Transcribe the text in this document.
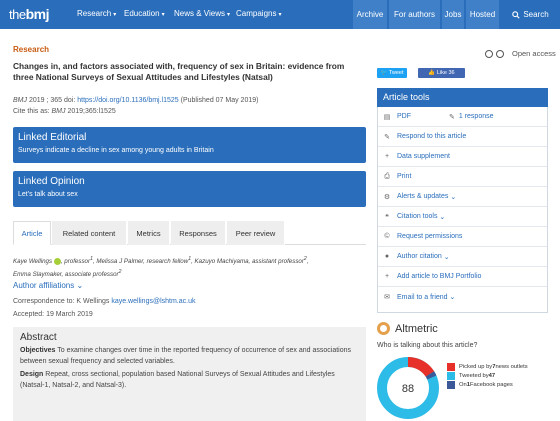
thebmj	Research ▾ Education ▾ News & Views ▾ Campaigns ▾	Archive	For authors	Jobs	Hosted	Search
Research
Changes in, and factors associated with, frequency of sex in Britain: evidence from three National Surveys of Sexual Attitudes and Lifestyles (Natsal)
BMJ 2019 ; 365 doi: https://doi.org/10.1136/bmj.l1525 (Published 07 May 2019)
Cite this as: BMJ 2019;365:l1525
Linked Editorial
Surveys indicate a decline in sex among young adults in Britain
Linked Opinion
Let's talk about sex
Article	Related content	Metrics	Responses	Peer review
Kaye Wellings , professor$^1$, Melissa J Palmer, research fellow$^1$, Kazuyo Machiyama, assistant professor$^2$,
Emma Slaymaker, associate professor$^2$
Author affiliations ⌄
Correspondence to: K Wellings kaye.wellings@lshtm.ac.uk
Accepted: 19 March 2019
Abstract

Objectives To examine changes over time in the reported frequency of occurrence of sex and associations between sexual frequency and selected variables.

Design Repeat, cross sectional, population based National Surveys of Sexual Attitudes and Lifestyles (Natsal-1, Natsal-2, and Natsal-3).

Open access
🐦
Tweet	👍
Like
36
Article tools
▤ PDF	✎ 1 response
✎ Respond to this article
+	Data supplement
⎙	Print
⚙ Alerts & updates
⌄
❝	Citation tools
⌄
©	Request permissions
●	Author citation
⌄
+	Add article to BMJ Portfolio
✉ Email to a friend
⌄
Altmetric
Who is talking about this article?
88
Picked up by 7 news outlets
Tweeted by 47
On 1 Facebook pages
